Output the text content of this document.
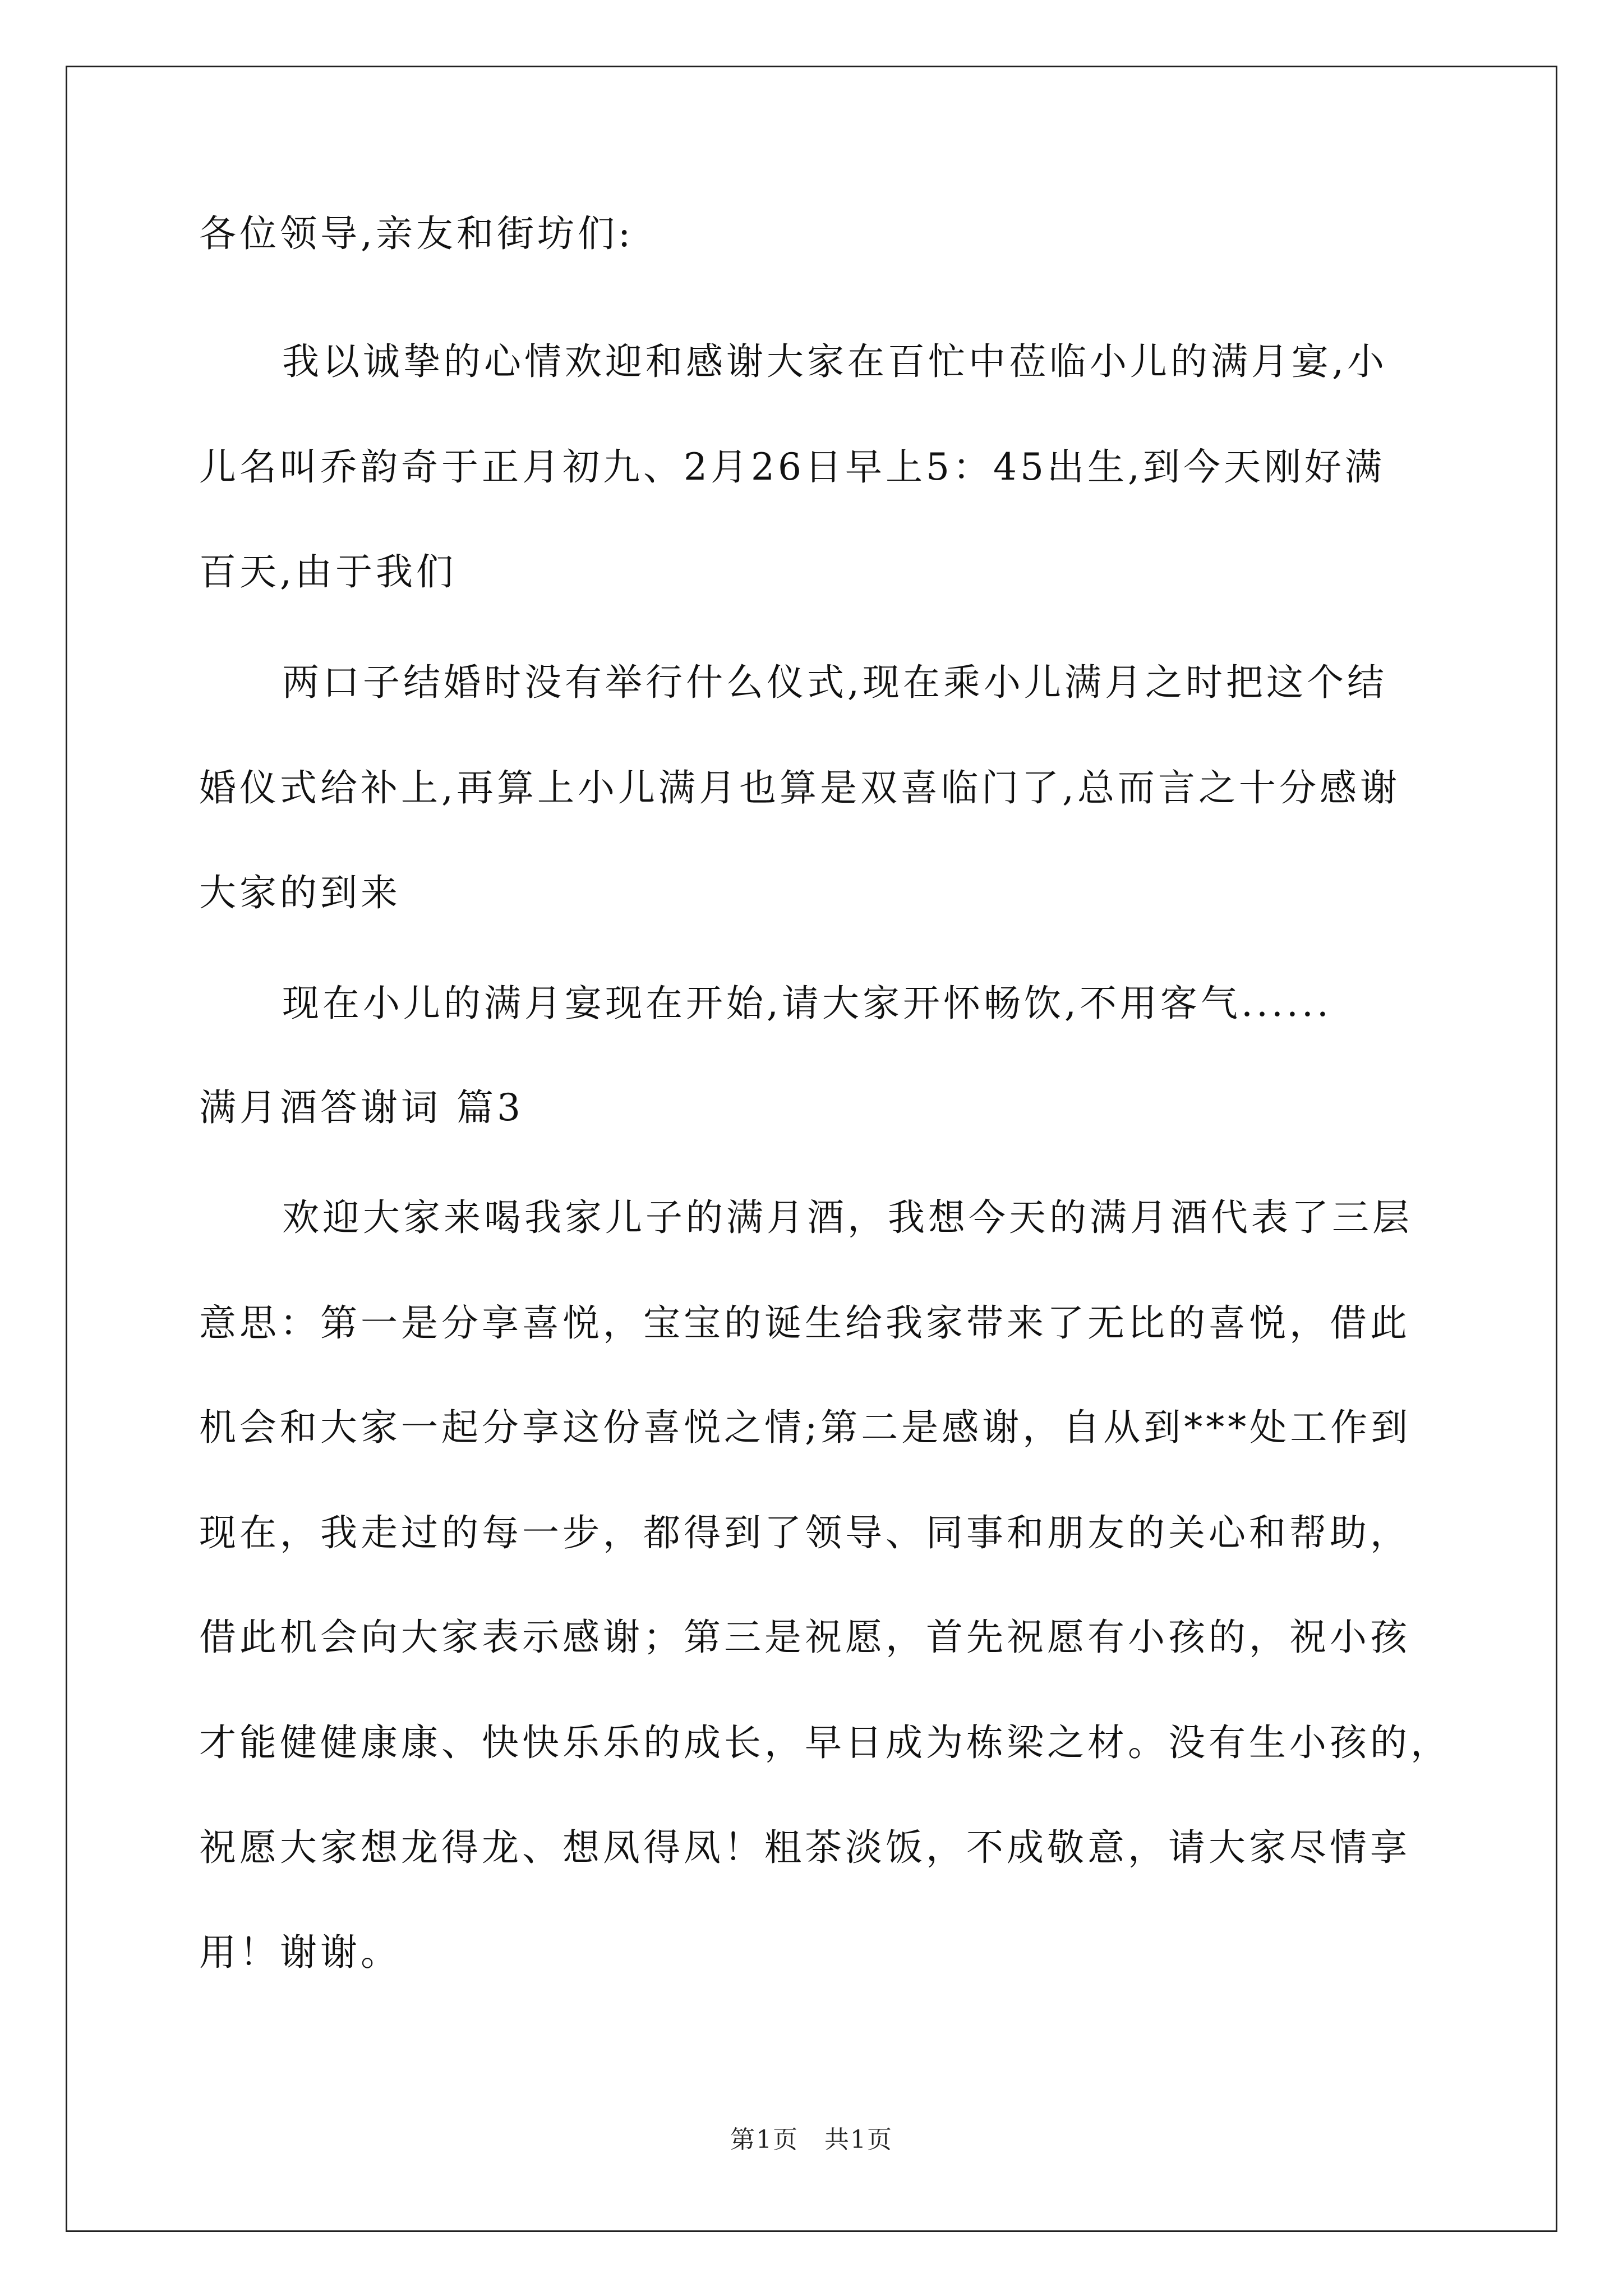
各位领导,亲友和街坊们:
我以诚挚的心情欢迎和感谢大家在百忙中莅临小儿的满月宴,小
儿名叫乔韵奇于正月初九、2月26日早上5：45出生,到今天刚好满
百天,由于我们
两口子结婚时没有举行什么仪式,现在乘小儿满月之时把这个结
婚仪式给补上,再算上小儿满月也算是双喜临门了,总而言之十分感谢
大家的到来
现在小儿的满月宴现在开始,请大家开怀畅饮,不用客气......
满月酒答谢词 篇3
欢迎大家来喝我家儿子的满月酒，我想今天的满月酒代表了三层
意思：第一是分享喜悦，宝宝的诞生给我家带来了无比的喜悦，借此
机会和大家一起分享这份喜悦之情;第二是感谢，自从到***处工作到
现在，我走过的每一步，都得到了领导、同事和朋友的关心和帮助，
借此机会向大家表示感谢；第三是祝愿，首先祝愿有小孩的，祝小孩
才能健健康康、快快乐乐的成长，早日成为栋梁之材。没有生小孩的，
祝愿大家想龙得龙、想凤得凤！粗茶淡饭，不成敬意，请大家尽情享
用！谢谢。
第1页　共1页
